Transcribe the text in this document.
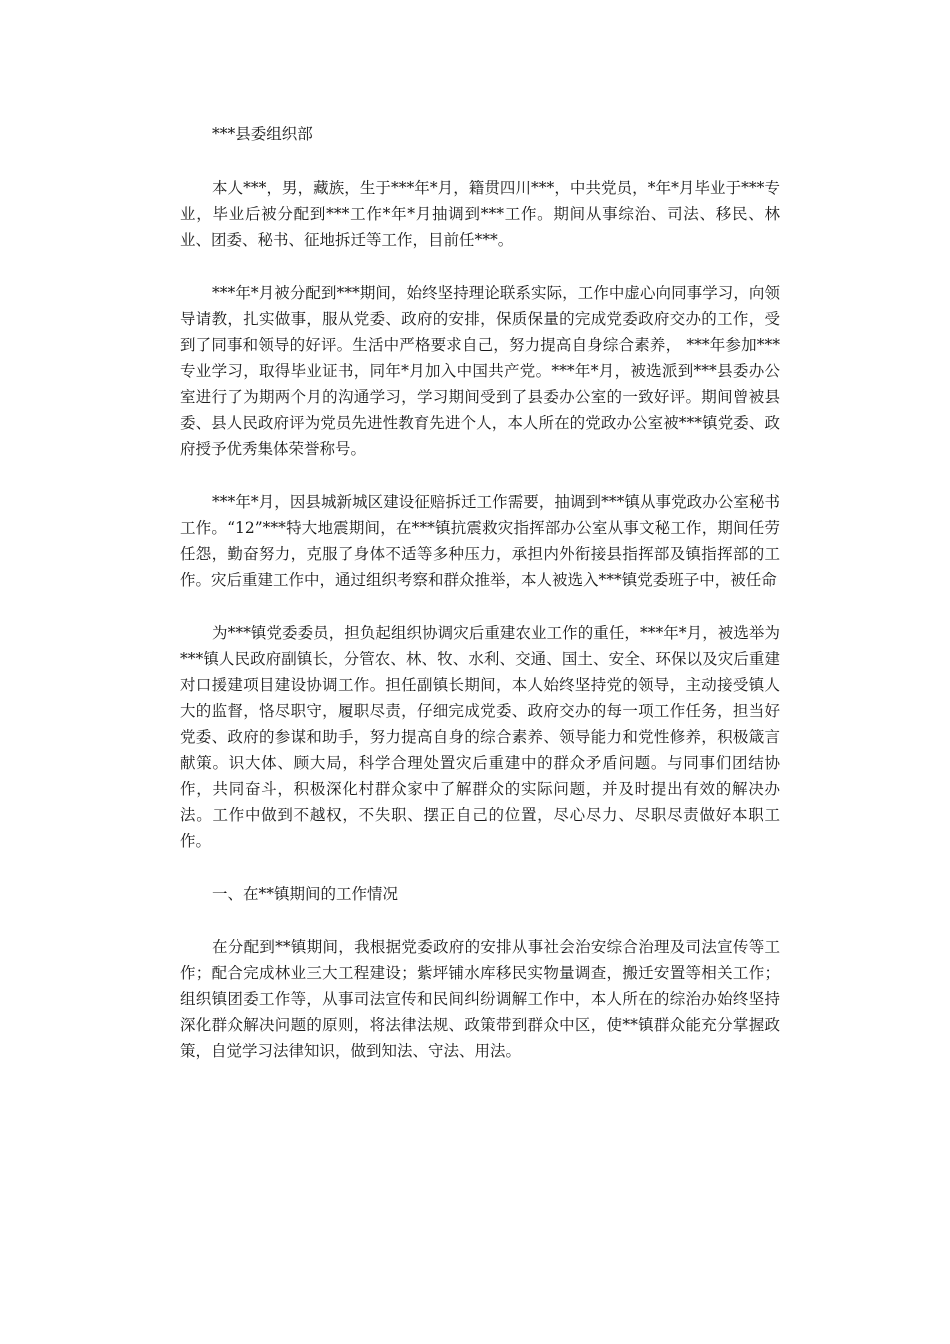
***县委组织部

本人***，男，藏族，生于***年*月，籍贯四川***，中共党员，*年*月毕业于***专业，毕业后被分配到***工作*年*月抽调到***工作。期间从事综治、司法、移民、林业、团委、秘书、征地拆迁等工作，目前任***。

***年*月被分配到***期间，始终坚持理论联系实际，工作中虚心向同事学习，向领导请教，扎实做事，服从党委、政府的安排，保质保量的完成党委政府交办的工作，受到了同事和领导的好评。生活中严格要求自己，努力提高自身综合素养， ***年参加***专业学习，取得毕业证书，同年*月加入中国共产党。***年*月，被选派到***县委办公室进行了为期两个月的沟通学习，学习期间受到了县委办公室的一致好评。期间曾被县委、县人民政府评为党员先进性教育先进个人，本人所在的党政办公室被***镇党委、政府授予优秀集体荣誉称号。

***年*月，因县城新城区建设征赔拆迁工作需要，抽调到***镇从事党政办公室秘书工作。“12”***特大地震期间，在***镇抗震救灾指挥部办公室从事文秘工作，期间任劳任怨，勤奋努力，克服了身体不适等多种压力，承担内外衔接县指挥部及镇指挥部的工作。灾后重建工作中，通过组织考察和群众推举，本人被选入***镇党委班子中，被任命

为***镇党委委员，担负起组织协调灾后重建农业工作的重任，***年*月，被选举为***镇人民政府副镇长，分管农、林、牧、水利、交通、国土、安全、环保以及灾后重建对口援建项目建设协调工作。担任副镇长期间，本人始终坚持党的领导，主动接受镇人大的监督，恪尽职守，履职尽责，仔细完成党委、政府交办的每一项工作任务，担当好党委、政府的参谋和助手，努力提高自身的综合素养、领导能力和党性修养，积极箴言献策。识大体、顾大局，科学合理处置灾后重建中的群众矛盾问题。与同事们团结协作，共同奋斗，积极深化村群众家中了解群众的实际问题，并及时提出有效的解决办法。工作中做到不越权，不失职、摆正自己的位置，尽心尽力、尽职尽责做好本职工作。

一、在**镇期间的工作情况

在分配到**镇期间，我根据党委政府的安排从事社会治安综合治理及司法宣传等工作；配合完成林业三大工程建设；紫坪铺水库移民实物量调查，搬迁安置等相关工作；组织镇团委工作等，从事司法宣传和民间纠纷调解工作中，本人所在的综治办始终坚持深化群众解决问题的原则，将法律法规、政策带到群众中区，使**镇群众能充分掌握政策，自觉学习法律知识，做到知法、守法、用法。
